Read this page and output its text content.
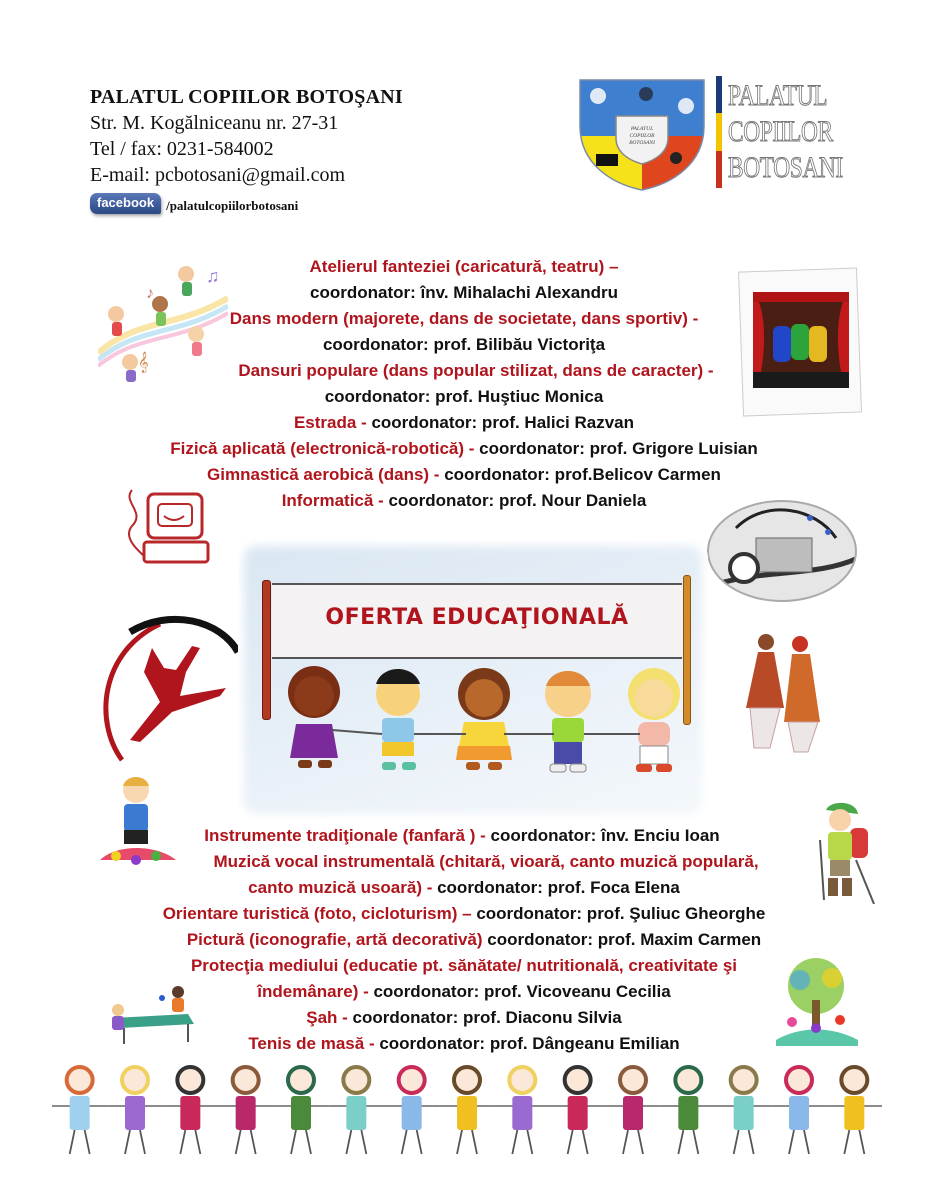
PALATUL COPIILOR BOTOŞANI
Str. M. Kogălniceanu nr. 27-31
Tel / fax: 0231-584002
E-mail: pcbotosani@gmail.com
facebook /palatulcopiilorbotosani
PALATUL
COPIILOR
BOTOSANI
PALATUL
COPIILOR
BOTOSANI
♫
♪
𝄞
Atelierul fanteziei (caricatură, teatru) –
coordonator: înv. Mihalachi Alexandru
Dans modern (majorete, dans de societate, dans sportiv) -
coordonator: prof. Bilibău Victoriţa
Dansuri populare (dans popular stilizat, dans de caracter) -
coordonator: prof. Huştiuc Monica
Estrada - coordonator: prof. Halici Razvan
Fizică aplicată (electronică-robotică) - coordonator: prof. Grigore Luisian
Gimnastică aerobică (dans) - coordonator: prof.Belicov Carmen
Informatică - coordonator: prof. Nour Daniela
OFERTA EDUCAŢIONALĂ
Instrumente tradiţionale (fanfară ) - coordonator: înv. Enciu Ioan
Muzică vocal instrumentală (chitară, vioară, canto muzică populară,
canto muzică usoară) - coordonator: prof. Foca Elena
Orientare turistică (foto, cicloturism) – coordonator: prof. Şuliuc Gheorghe
Pictură (iconografie, artă decorativă) coordonator: prof. Maxim Carmen
Protecţia mediului (educatie pt. sănătate/ nutritională, creativitate şi
îndemânare) - coordonator: prof. Vicoveanu Cecilia
Şah - coordonator: prof. Diaconu Silvia
Tenis de masă - coordonator: prof. Dângeanu Emilian
